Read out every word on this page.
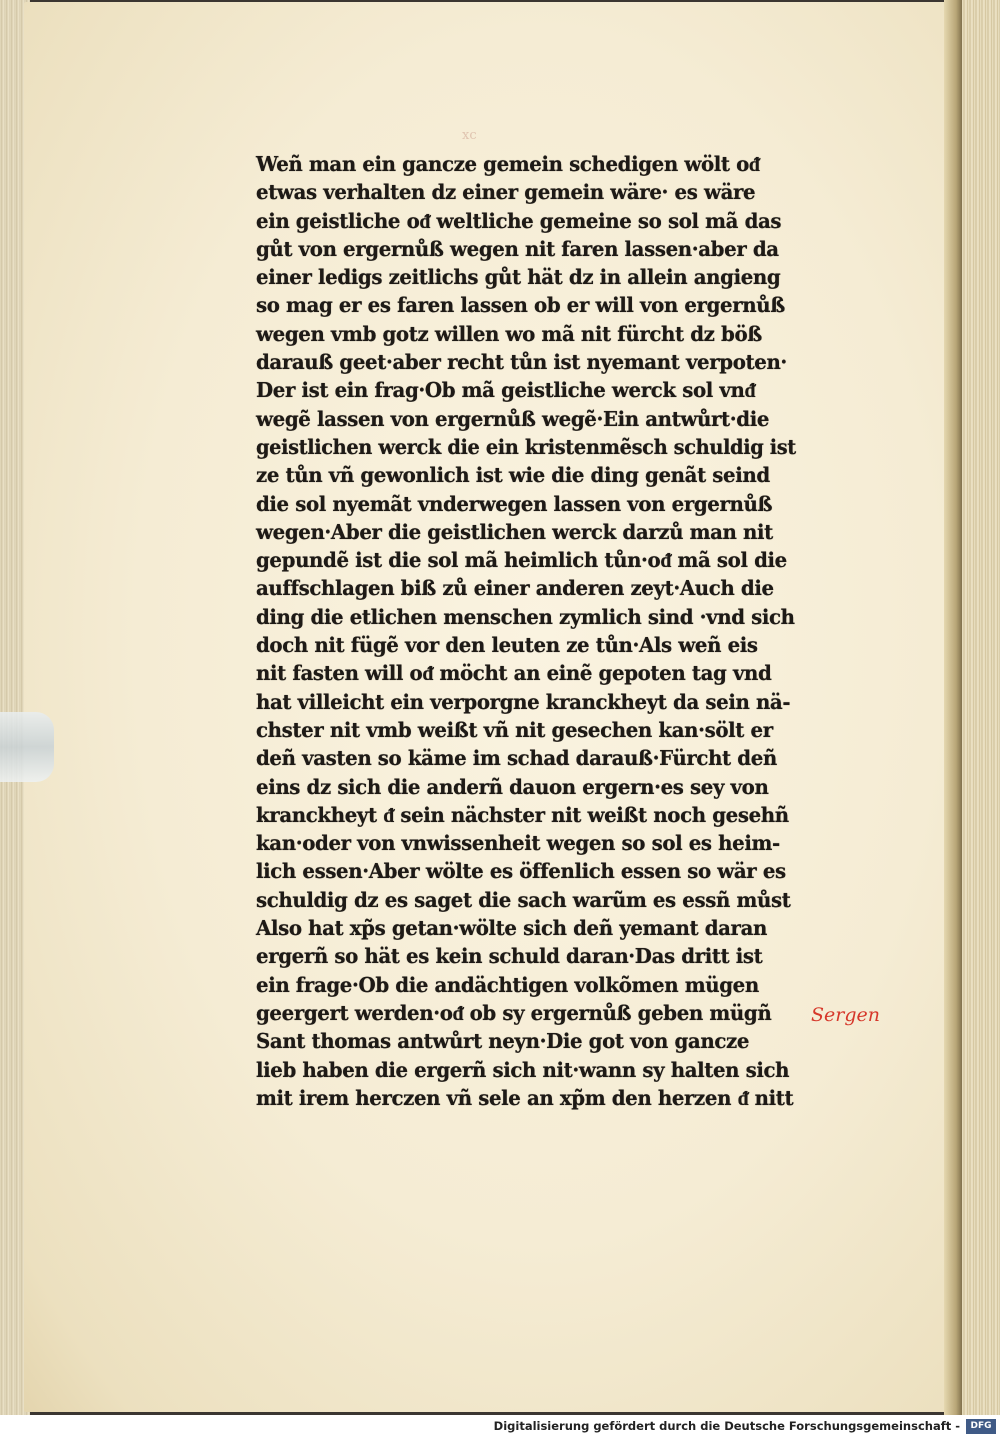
xc
Weñ man ein gancze gemein schedigen wölt oᵭ
etwas verhalten dz einer gemein wäre· es wäre
ein geistliche oᵭ weltliche gemeine so sol mã das
gůt von ergernůß wegen nit faren lassen·aber da
einer ledigs zeitlichs gůt hät dz in allein angieng
so mag er es faren lassen ob er will von ergernůß
wegen vmb gotz willen wo mã nit fürcht dz böß
darauß geet·aber recht tůn ist nyemant verpoten·
Der ist ein frag·Ob mã geistliche werck sol vnᵭ
wegẽ lassen von ergernůß wegẽ·Ein antwůrt·die
geistlichen werck die ein kristenmẽsch schuldig ist
ze tůn vñ gewonlich ist wie die ding genãt seind
die sol nyemãt vnderwegen lassen von ergernůß
wegen·Aber die geistlichen werck darzů man nit
gepundẽ ist die sol mã heimlich tůn·oᵭ mã sol die
auffschlagen biß zů einer anderen zeyt·Auch die
ding die etlichen menschen zymlich sind ·vnd sich
doch nit fügẽ vor den leuten ze tůn·Als weñ eis
nit fasten will oᵭ möcht an einẽ gepoten tag vnd
hat villeicht ein verporgne kranckheyt da sein nä-
chster nit vmb weißt vñ nit gesechen kan·sölt er
deñ vasten so käme im schad darauß·Fürcht deñ
eins dz sich die anderñ dauon ergern·es sey von
kranckheyt ᵭ sein nächster nit weißt noch gesehñ
kan·oder von vnwissenheit wegen so sol es heim-
lich essen·Aber wölte es öffenlich essen so wär es
schuldig dz es saget die sach warũm es essñ můst
Also hat xp̃s getan·wölte sich deñ yemant daran
ergerñ so hät es kein schuld daran·Das dritt ist
ein frage·Ob die andächtigen volkõmen mügen
geergert werden·oᵭ ob sy ergernůß geben mügñ
Sant thomas antwůrt neyn·Die got von gancze
lieb haben die ergerñ sich nit·wann sy halten sich
mit irem herczen vñ sele an xp̃m den herzen ᵭ nitt
Sergen
Digitalisierung gefördert durch die Deutsche Forschungsgemeinschaft -	DFG
